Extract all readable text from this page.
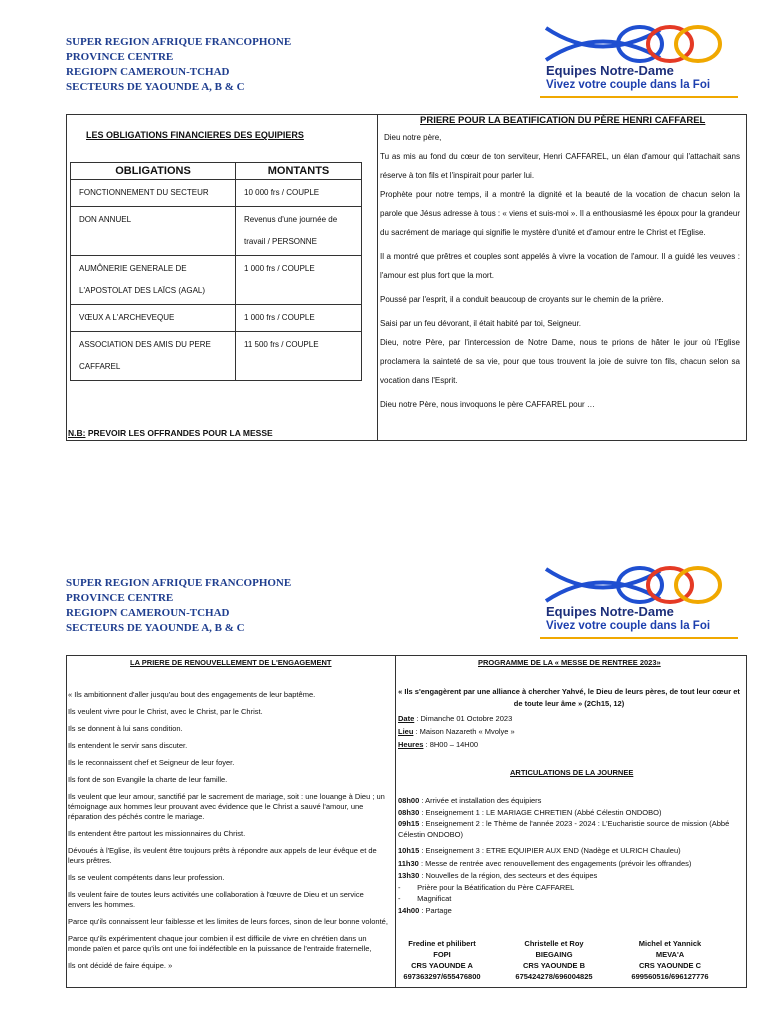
SUPER REGION AFRIQUE FRANCOPHONE
PROVINCE CENTRE
REGIOPN CAMEROUN-TCHAD
SECTEURS DE YAOUNDE A, B & C
Equipes Notre-Dame
Vivez votre couple dans la Foi
LES OBLIGATIONS FINANCIERES DES EQUIPIERS
OBLIGATIONS	MONTANTS
FONCTIONNEMENT DU SECTEUR	10 000 frs / COUPLE
DON ANNUEL	Revenus d'une journée de travail / PERSONNE
AUMÔNERIE GENERALE DE L'APOSTOLAT DES LAÏCS (AGAL)	1 000 frs / COUPLE
VŒUX A L'ARCHEVEQUE	1 000 frs / COUPLE
ASSOCIATION DES AMIS DU PERE CAFFAREL	11 500 frs / COUPLE
N.B: PREVOIR LES OFFRANDES POUR LA MESSE
PRIERE POUR LA BEATIFICATION DU PÈRE HENRI CAFFAREL

Dieu notre père,

Tu as mis au fond du cœur de ton serviteur, Henri CAFFAREL, un élan d'amour qui l'attachait sans réserve à ton fils et l'inspirait pour parler lui.

Prophète pour notre temps, il a montré la dignité et la beauté de la vocation de chacun selon la parole que Jésus adresse à tous : « viens et suis-moi ». Il a enthousiasmé les époux pour la grandeur du sacrément de mariage qui signifie le mystère d'unité et d'amour entre le Christ et l'Eglise.

Il a montré que prêtres et couples sont appelés à vivre la vocation de l'amour. Il a guidé les veuves : l'amour est plus fort que la mort.

Poussé par l'esprit, il a conduit beaucoup de croyants sur le chemin de la prière.

Saisi par un feu dévorant, il était habité par toi, Seigneur.

Dieu, notre Père, par l'intercession de Notre Dame, nous te prions de hâter le jour où l'Eglise proclamera la sainteté de sa vie, pour que tous trouvent la joie de suivre ton fils, chacun selon sa vocation dans l'Esprit.

Dieu notre Père, nous invoquons le père CAFFAREL pour …

SUPER REGION AFRIQUE FRANCOPHONE
PROVINCE CENTRE
REGIOPN CAMEROUN-TCHAD
SECTEURS DE YAOUNDE A, B & C
Equipes Notre-Dame
Vivez votre couple dans la Foi
LA PRIERE DE RENOUVELLEMENT DE L'ENGAGEMENT

« Ils ambitionnent d'aller jusqu'au bout des engagements de leur baptême.

Ils veulent vivre pour le Christ, avec le Christ, par le Christ.

Ils se donnent à lui sans condition.

Ils entendent le servir sans discuter.

Ils le reconnaissent chef et Seigneur de leur foyer.

Ils font de son Evangile la charte de leur famille.

Ils veulent que leur amour, sanctifié par le sacrement de mariage, soit : une louange à Dieu ; un témoignage aux hommes leur prouvant avec évidence que le Christ a sauvé l'amour, une réparation des péchés contre le mariage.

Ils entendent être partout les missionnaires du Christ.

Dévoués à l'Eglise, ils veulent être toujours prêts à répondre aux appels de leur évêque et de leurs prêtres.

Ils se veulent compétents dans leur profession.

Ils veulent faire de toutes leurs activités une collaboration à l'œuvre de Dieu et un service envers les hommes.

Parce qu'ils connaissent leur faiblesse et les limites de leurs forces, sinon de leur bonne volonté,

Parce qu'ils expérimentent chaque jour combien il est difficile de vivre en chrétien dans un monde païen et parce qu'ils ont une foi indéfectible en la puissance de l'entraide fraternelle,

Ils ont décidé de faire équipe. »

PROGRAMME DE LA « MESSE DE RENTREE 2023»
« Ils s'engagèrent par une alliance à chercher Yahvé, le Dieu de leurs pères, de tout leur cœur et de toute leur âme » (2Ch15, 12)
Date : Dimanche 01 Octobre 2023
Lieu : Maison Nazareth « Mvolye »
Heures : 8H00 – 14H00
ARTICULATIONS DE LA JOURNEE

08h00 : Arrivée et installation des équipiers

08h30 : Enseignement 1 : LE MARIAGE CHRETIEN (Abbé Célestin ONDOBO)

09h15 : Enseignement 2 : le Thème de l'année 2023 - 2024 : L'Eucharistie source de mission (Abbé Célestin ONDOBO)

10h15 : Enseignement 3 : ETRE EQUIPIER AUX END (Nadège et ULRICH Chauleu)

11h30 : Messe de rentrée avec renouvellement des engagements (prévoir les offrandes)

13h30 : Nouvelles de la région, des secteurs et des équipes

-        Prière pour la Béatification du Père CAFFAREL

-        Magnificat

14h00 : Partage

Fredine et philibert
FOPI
CRS YAOUNDE A
697363297/655476800
Christelle et Roy
BIEGAING
CRS YAOUNDE B
675424278/696004825
Michel et Yannick
MEVA'A
CRS YAOUNDE C
699560516/696127776
